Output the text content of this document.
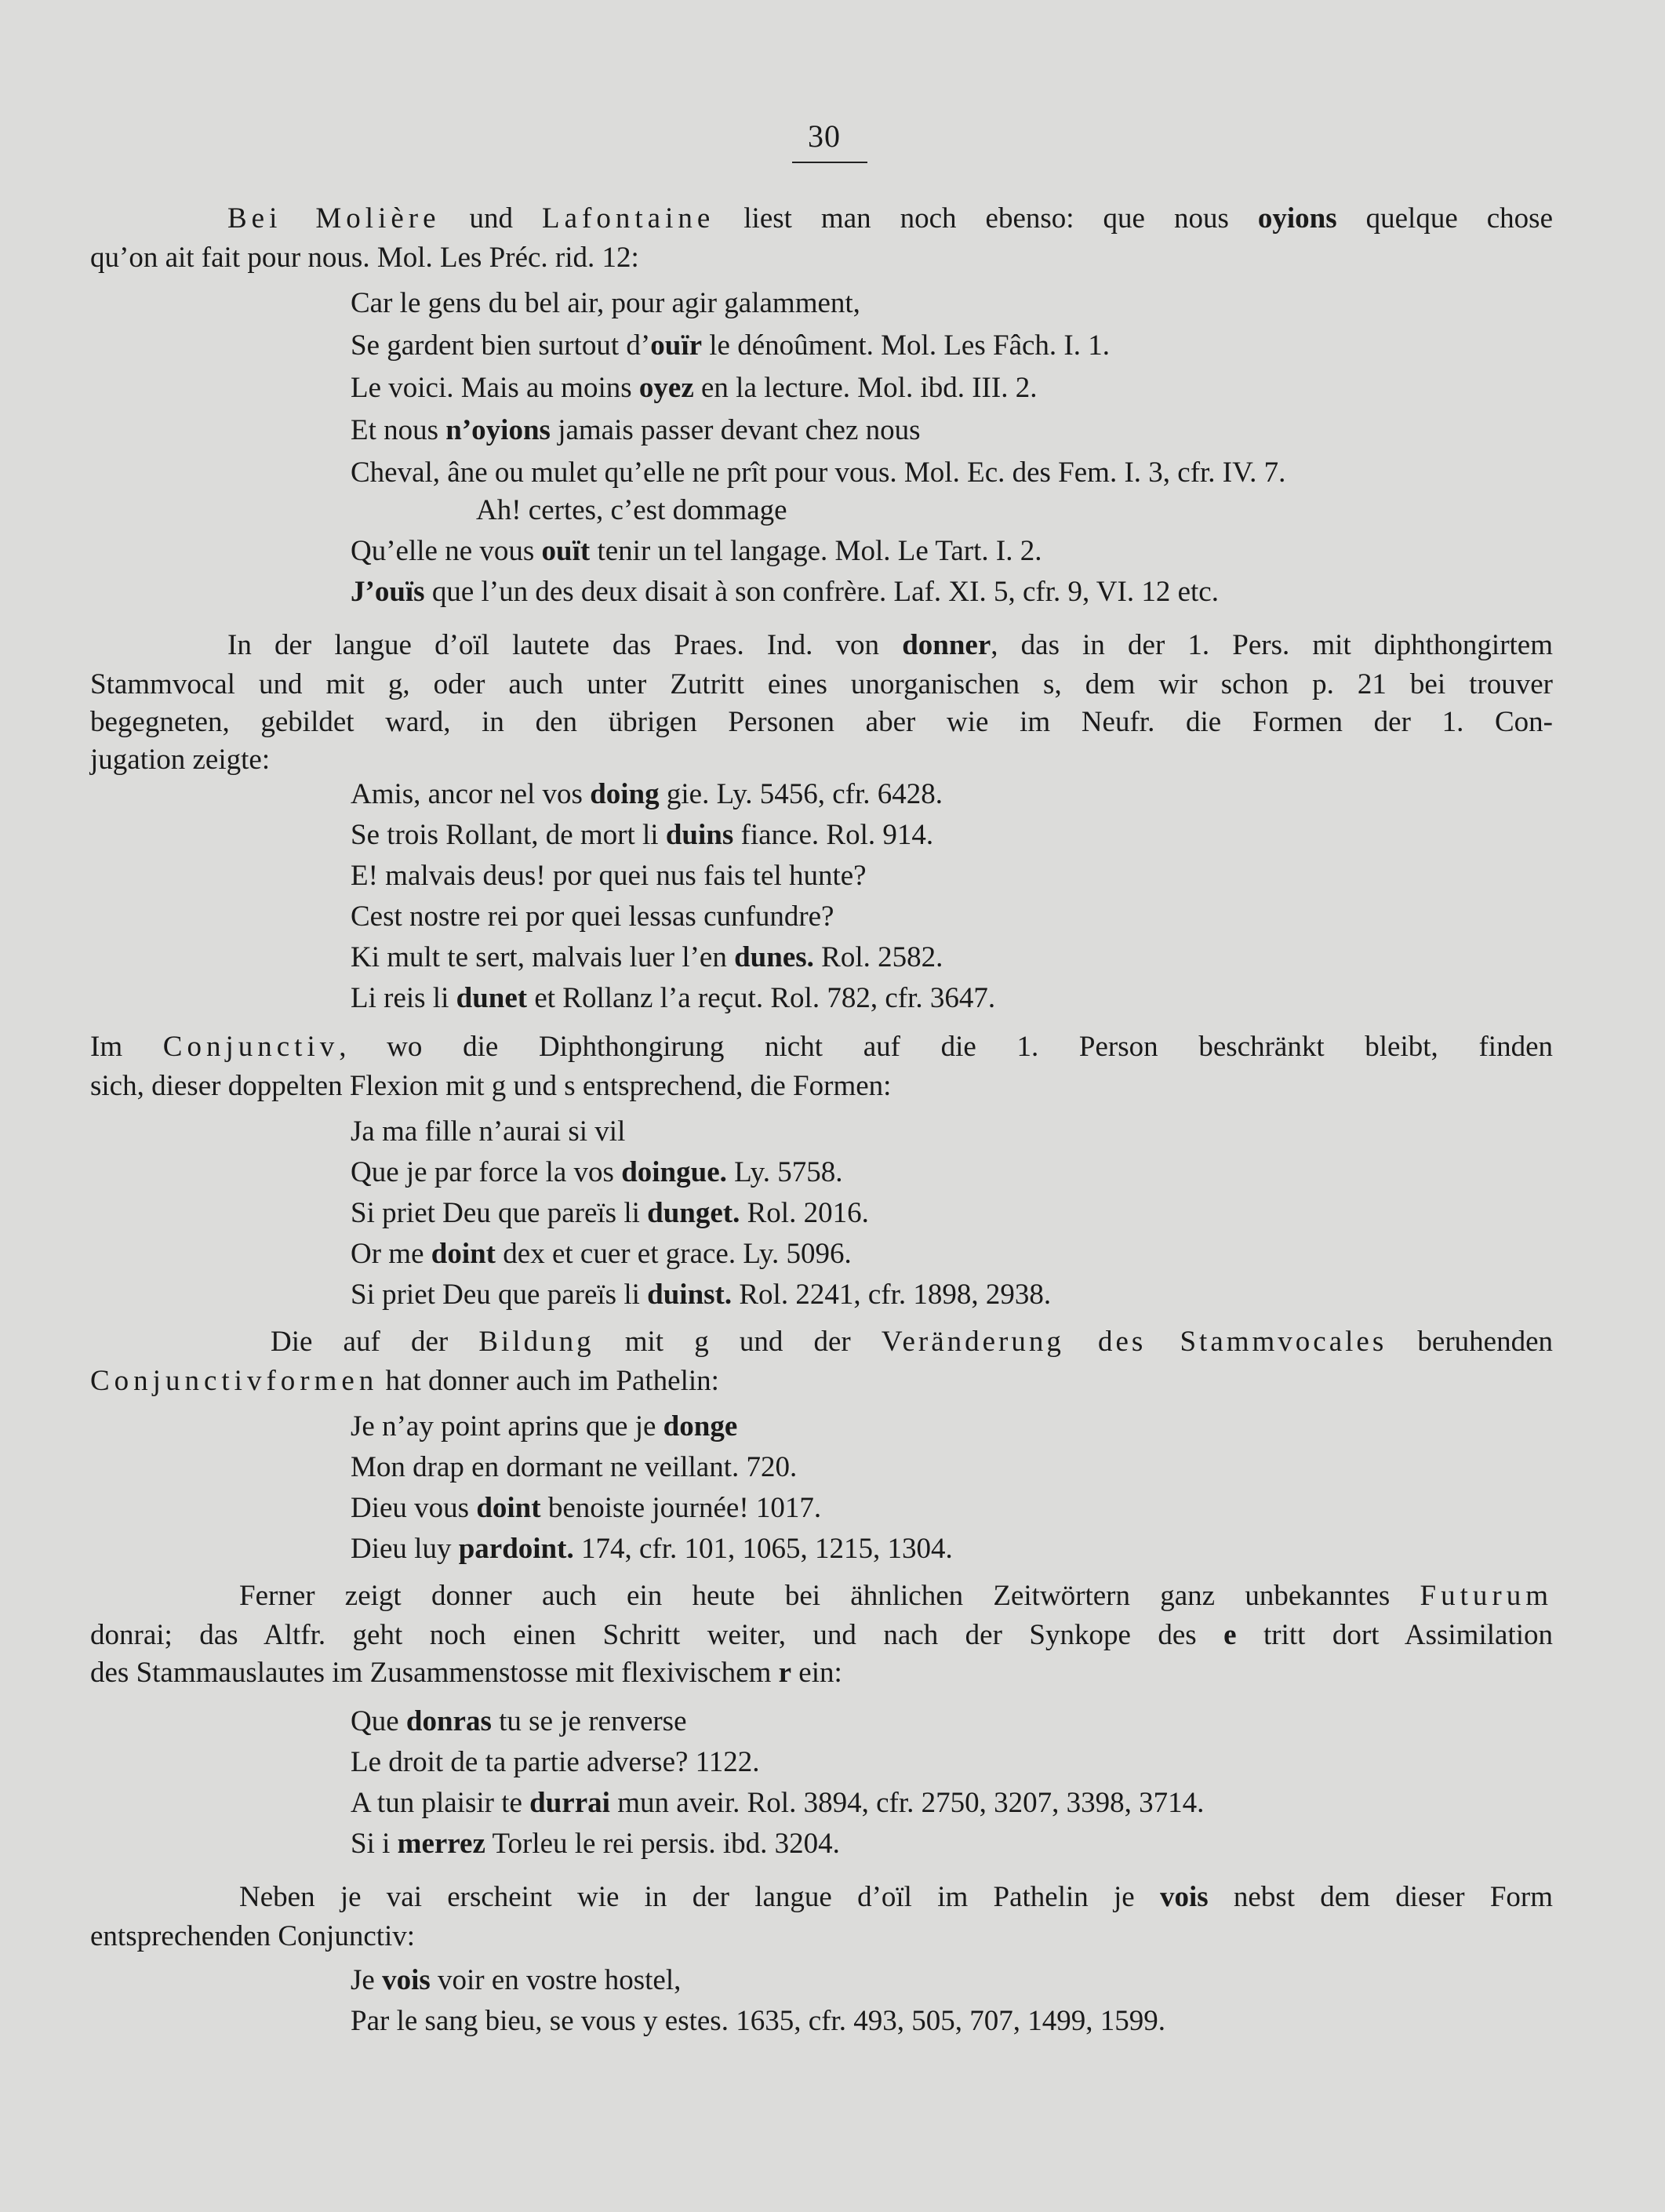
30
Bei Molière und Lafontaine liest man noch ebenso: que nous oyions quelque chose
qu’on ait fait pour nous. Mol. Les Préc. rid. 12:
Car le gens du bel air, pour agir galamment,
Se gardent bien surtout d’ouïr le dénoûment. Mol. Les Fâch. I. 1.
Le voici. Mais au moins oyez en la lecture. Mol. ibd. III. 2.
Et nous n’oyions jamais passer devant chez nous
Cheval, âne ou mulet qu’elle ne prît pour vous. Mol. Ec. des Fem. I. 3, cfr. IV. 7.
Ah! certes, c’est dommage
Qu’elle ne vous ouït tenir un tel langage. Mol. Le Tart. I. 2.
J’ouïs que l’un des deux disait à son confrère. Laf. XI. 5, cfr. 9, VI. 12 etc.
In der langue d’oïl lautete das Praes. Ind. von donner, das in der 1. Pers. mit diphthongirtem
Stammvocal und mit g, oder auch unter Zutritt eines unorganischen s, dem wir schon p. 21 bei trouver
begegneten, gebildet ward, in den übrigen Personen aber wie im Neufr. die Formen der 1. Con-
jugation zeigte:
Amis, ancor nel vos doing gie. Ly. 5456, cfr. 6428.
Se trois Rollant, de mort li duins fiance. Rol. 914.
E! malvais deus! por quei nus fais tel hunte?
Cest nostre rei por quei lessas cunfundre?
Ki mult te sert, malvais luer l’en dunes. Rol. 2582.
Li reis li dunet et Rollanz l’a reçut. Rol. 782, cfr. 3647.
Im Conjunctiv, wo die Diphthongirung nicht auf die 1. Person beschränkt bleibt, finden
sich, dieser doppelten Flexion mit g und s entsprechend, die Formen:
Ja ma fille n’aurai si vil
Que je par force la vos doingue. Ly. 5758.
Si priet Deu que pareïs li dunget. Rol. 2016.
Or me doint dex et cuer et grace. Ly. 5096.
Si priet Deu que pareïs li duinst. Rol. 2241, cfr. 1898, 2938.
Die auf der Bildung mit g und der Veränderung des Stammvocales beruhenden
Conjunctivformen hat donner auch im Pathelin:
Je n’ay point aprins que je donge
Mon drap en dormant ne veillant. 720.
Dieu vous doint benoiste journée! 1017.
Dieu luy pardoint. 174, cfr. 101, 1065, 1215, 1304.
Ferner zeigt donner auch ein heute bei ähnlichen Zeitwörtern ganz unbekanntes Futurum
donrai; das Altfr. geht noch einen Schritt weiter, und nach der Synkope des e tritt dort Assimilation
des Stammauslautes im Zusammenstosse mit flexivischem r ein:
Que donras tu se je renverse
Le droit de ta partie adverse? 1122.
A tun plaisir te durrai mun aveir. Rol. 3894, cfr. 2750, 3207, 3398, 3714.
Si i merrez Torleu le rei persis. ibd. 3204.
Neben je vai erscheint wie in der langue d’oïl im Pathelin je vois nebst dem dieser Form
entsprechenden Conjunctiv:
Je vois voir en vostre hostel,
Par le sang bieu, se vous y estes. 1635, cfr. 493, 505, 707, 1499, 1599.
